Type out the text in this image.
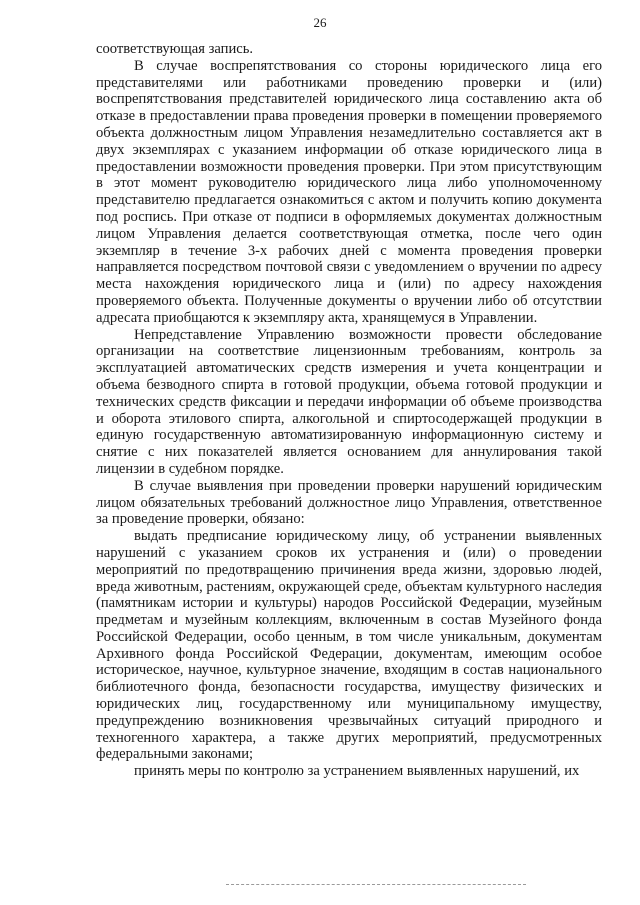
26

соответствующая запись.

В случае воспрепятствования со стороны юридического лица его представителями или работниками проведению проверки и (или) воспрепятствования представителей юридического лица составлению акта об отказе в предоставлении права проведения проверки в помещении проверяемого объекта должностным лицом Управления незамедлительно составляется акт в двух экземплярах с указанием информации об отказе юридического лица в предоставлении возможности проведения проверки. При этом присутствующим в этот момент руководителю юридического лица либо уполномоченному представителю предлагается ознакомиться с актом и получить копию документа под роспись. При отказе от подписи в оформляемых документах должностным лицом Управления делается соответствующая отметка, после чего один экземпляр в течение 3-х рабочих дней с момента проведения проверки направляется посредством почтовой связи с уведомлением о вручении по адресу места нахождения юридического лица и (или) по адресу нахождения проверяемого объекта. Полученные документы о вручении либо об отсутствии адресата приобщаются к экземпляру акта, хранящемуся в Управлении.

Непредставление Управлению возможности провести обследование организации на соответствие лицензионным требованиям, контроль за эксплуатацией автоматических средств измерения и учета концентрации и объема безводного спирта в готовой продукции, объема готовой продукции и технических средств фиксации и передачи информации об объеме производства и оборота этилового спирта, алкогольной и спиртосодержащей продукции в единую государственную автоматизированную информационную систему и снятие с них показателей является основанием для аннулирования такой лицензии в судебном порядке.

В случае выявления при проведении проверки нарушений юридическим лицом обязательных требований должностное лицо Управления, ответственное за проведение проверки, обязано:

выдать предписание юридическому лицу, об устранении выявленных нарушений с указанием сроков их устранения и (или) о проведении мероприятий по предотвращению причинения вреда жизни, здоровью людей, вреда животным, растениям, окружающей среде, объектам культурного наследия (памятникам истории и культуры) народов Российской Федерации, музейным предметам и музейным коллекциям, включенным в состав Музейного фонда Российской Федерации, особо ценным, в том числе уникальным, документам Архивного фонда Российской Федерации, документам, имеющим особое историческое, научное, культурное значение, входящим в состав национального библиотечного фонда, безопасности государства, имуществу физических и юридических лиц, государственному или муниципальному имуществу, предупреждению возникновения чрезвычайных ситуаций природного и техногенного характера, а также других мероприятий, предусмотренных федеральными законами;

принять меры по контролю за устранением выявленных нарушений, их
